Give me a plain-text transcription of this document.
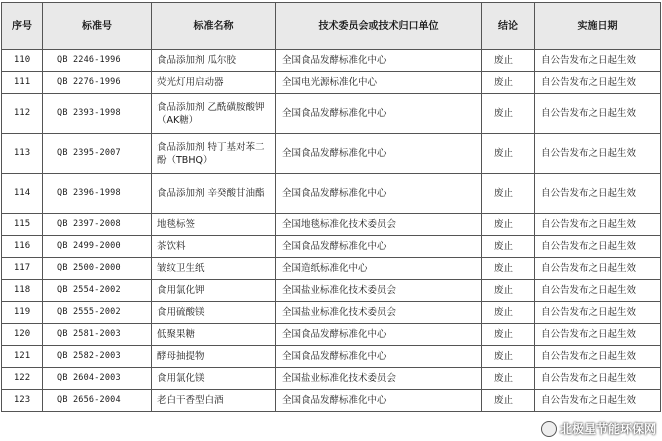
序号	标准号	标准名称	技术委员会或技术归口单位	结论	实施日期
110	QB 2246-1996	食品添加剂 瓜尔胶	全国食品发酵标准化中心	废止	自公告发布之日起生效
111	QB 2276-1996	荧光灯用启动器	全国电光源标准化中心	废止	自公告发布之日起生效
112	QB 2393-1998	食品添加剂 乙酰磺胺酸钾（AK糖）	全国食品发酵标准化中心	废止	自公告发布之日起生效
113	QB 2395-2007	食品添加剂 特丁基对苯二酚（TBHQ）	全国食品发酵标准化中心	废止	自公告发布之日起生效
114	QB 2396-1998	食品添加剂 辛癸酸甘油酯	全国食品发酵标准化中心	废止	自公告发布之日起生效
115	QB 2397-2008	地毯标签	全国地毯标准化技术委员会	废止	自公告发布之日起生效
116	QB 2499-2000	茶饮料	全国食品发酵标准化中心	废止	自公告发布之日起生效
117	QB 2500-2000	皱纹卫生纸	全国造纸标准化中心	废止	自公告发布之日起生效
118	QB 2554-2002	食用氯化钾	全国盐业标准化技术委员会	废止	自公告发布之日起生效
119	QB 2555-2002	食用硫酸镁	全国盐业标准化技术委员会	废止	自公告发布之日起生效
120	QB 2581-2003	低聚果糖	全国食品发酵标准化中心	废止	自公告发布之日起生效
121	QB 2582-2003	酵母抽提物	全国食品发酵标准化中心	废止	自公告发布之日起生效
122	QB 2604-2003	食用氯化镁	全国盐业标准化技术委员会	废止	自公告发布之日起生效
123	QB 2656-2004	老白干香型白酒	全国食品发酵标准化中心	废止	自公告发布之日起生效
北极星节能环保网
